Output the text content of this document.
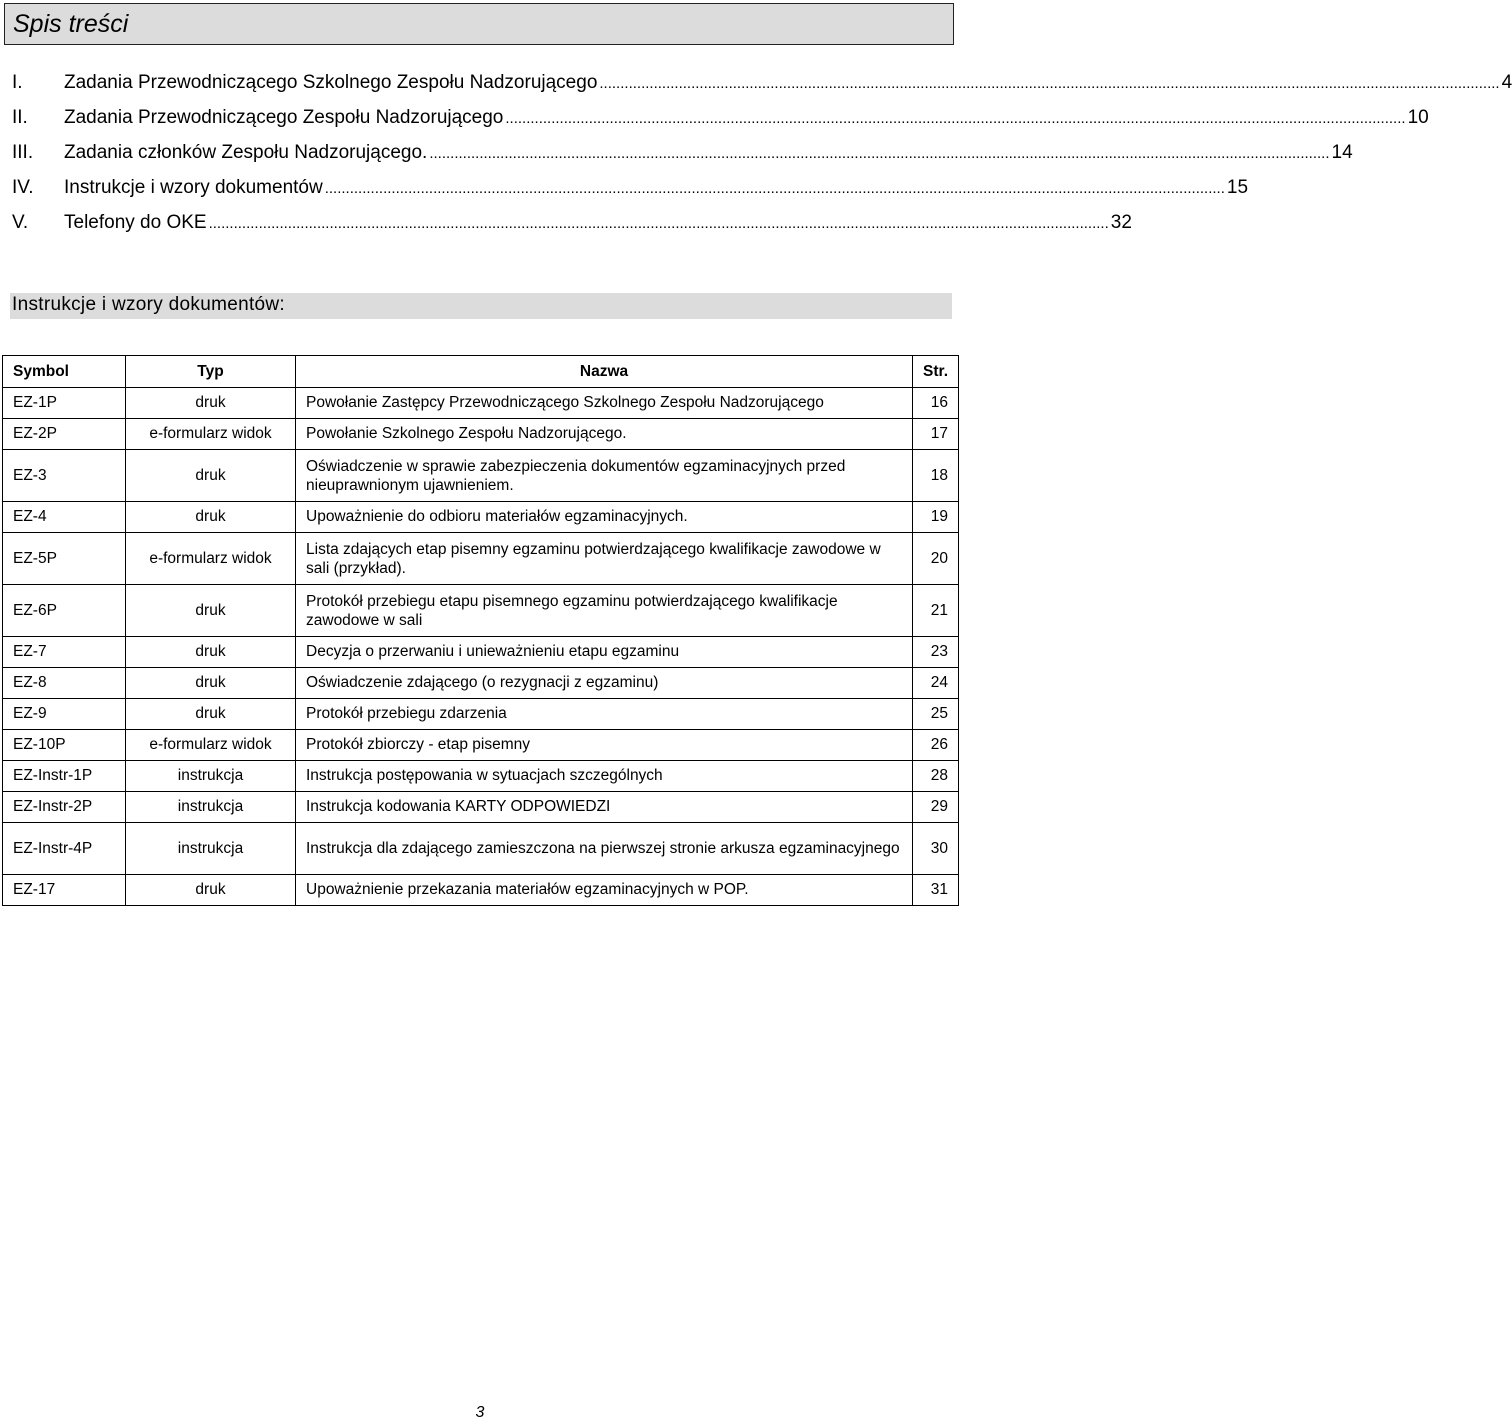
Spis treści
I.	Zadania Przewodniczącego Szkolnego Zespołu Nadzorującego ........................................................................................................................................................................................................................ 4
II.	Zadania Przewodniczącego Zespołu Nadzorującego ........................................................................................................................................................................................................................ 10
III.	Zadania członków Zespołu Nadzorującego. ........................................................................................................................................................................................................................ 14
IV.	Instrukcje i wzory dokumentów ........................................................................................................................................................................................................................ 15
V.	Telefony do OKE ........................................................................................................................................................................................................................ 32
Instrukcje i wzory dokumentów:
Symbol	Typ	Nazwa	Str.
EZ-1P	druk	Powołanie Zastępcy Przewodniczącego Szkolnego Zespołu Nadzorującego	16
EZ-2P	e-formularz widok	Powołanie Szkolnego Zespołu Nadzorującego.	17
EZ-3	druk	Oświadczenie w sprawie zabezpieczenia dokumentów egzaminacyjnych przed nieuprawnionym ujawnieniem.	18
EZ-4	druk	Upoważnienie do odbioru materiałów egzaminacyjnych.	19
EZ-5P	e-formularz widok	Lista zdających etap pisemny egzaminu potwierdzającego kwalifikacje zawodowe w sali (przykład).	20
EZ-6P	druk	Protokół przebiegu etapu pisemnego egzaminu potwierdzającego kwalifikacje zawodowe w sali	21
EZ-7	druk	Decyzja o przerwaniu i unieważnieniu etapu egzaminu	23
EZ-8	druk	Oświadczenie zdającego (o rezygnacji z egzaminu)	24
EZ-9	druk	Protokół przebiegu zdarzenia	25
EZ-10P	e-formularz widok	Protokół zbiorczy - etap pisemny	26
EZ-Instr-1P	instrukcja	Instrukcja postępowania w sytuacjach szczególnych	28
EZ-Instr-2P	instrukcja	Instrukcja kodowania KARTY ODPOWIEDZI	29
EZ-Instr-4P	instrukcja	Instrukcja dla zdającego zamieszczona na pierwszej stronie arkusza egzaminacyjnego	30
EZ-17	druk	Upoważnienie przekazania materiałów egzaminacyjnych w POP.	31
3
